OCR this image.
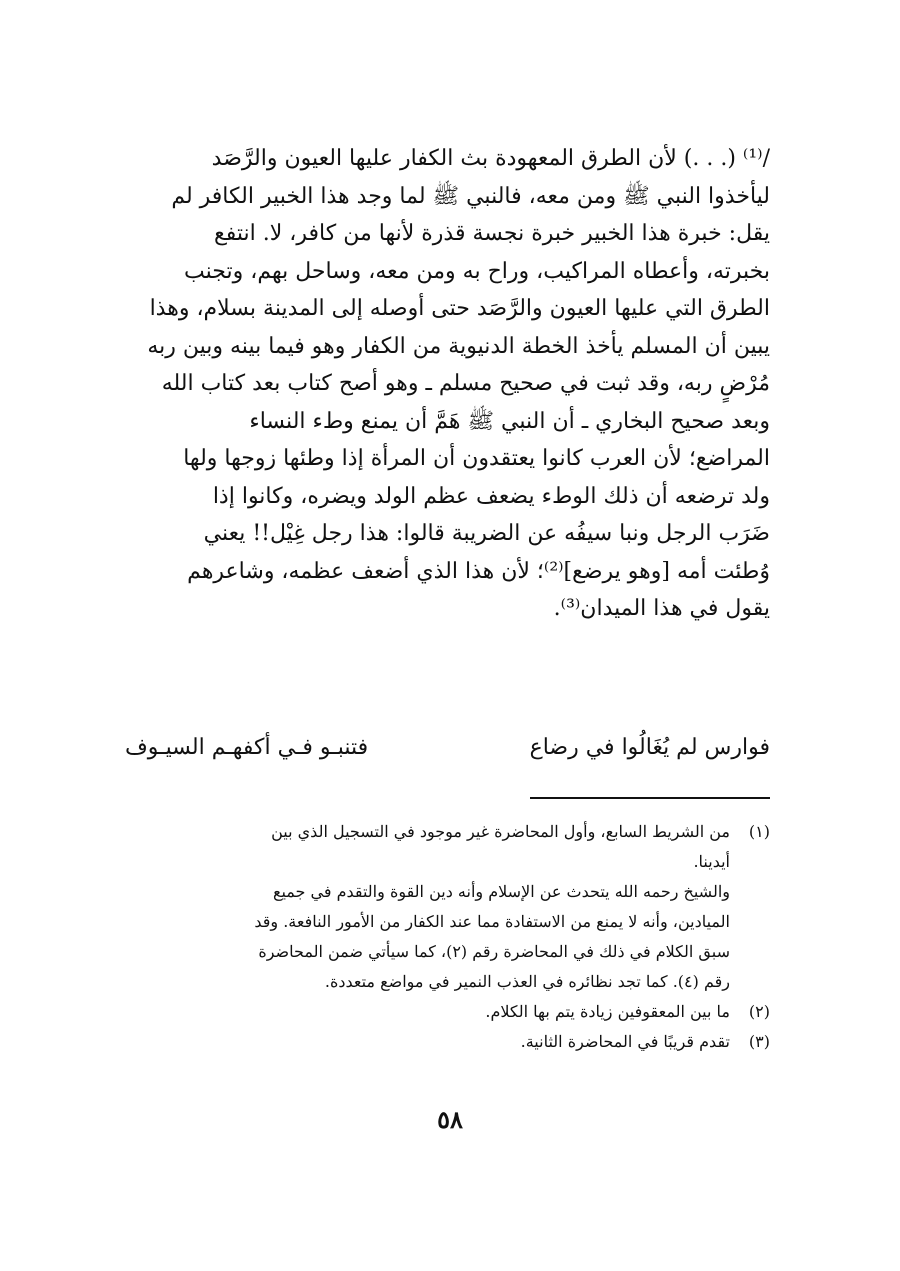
/⁽¹⁾ (. . .) لأن الطرق المعهودة بث الكفار عليها العيون والرَّصَد
ليأخذوا النبي ﷺ ومن معه، فالنبي ﷺ لما وجد هذا الخبير الكافر لم
يقل: خبرة هذا الخبير خبرة نجسة قذرة لأنها من كافر، لا. انتفع
بخبرته، وأعطاه المراكيب، وراح به ومن معه، وساحل بهم، وتجنب
الطرق التي عليها العيون والرَّصَد حتى أوصله إلى المدينة بسلام، وهذا
يبين أن المسلم يأخذ الخطة الدنيوية من الكفار وهو فيما بينه وبين ربه
مُرْضٍ ربه، وقد ثبت في صحيح مسلم ـ وهو أصح كتاب بعد كتاب الله
وبعد صحيح البخاري ـ أن النبي ﷺ هَمَّ أن يمنع وطء النساء
المراضع؛ لأن العرب كانوا يعتقدون أن المرأة إذا وطئها زوجها ولها
ولد ترضعه أن ذلك الوطء يضعف عظم الولد ويضره، وكانوا إذا
ضَرَب الرجل ونبا سيفُه عن الضريبة قالوا: هذا رجل غِيْل!! يعني
وُطئت أمه [وهو يرضع]⁽²⁾؛ لأن هذا الذي أضعف عظمه، وشاعرهم
يقول في هذا الميدان⁽³⁾.
فوارس لم يُغَالُوا في رضاع
فتنبـو فـي أكفهـم السيـوف
(١)
من الشريط السابع، وأول المحاضرة غير موجود في التسجيل الذي بين
أيدينا.
والشيخ رحمه الله يتحدث عن الإسلام وأنه دين القوة والتقدم في جميع
الميادين، وأنه لا يمنع من الاستفادة مما عند الكفار من الأمور النافعة. وقد
سبق الكلام في ذلك في المحاضرة رقم (٢)، كما سيأتي ضمن المحاضرة
رقم (٤). كما تجد نظائره في العذب النمير في مواضع متعددة.
(٢)
ما بين المعقوفين زيادة يتم بها الكلام.
(٣)
تقدم قريبًا في المحاضرة الثانية.
٥٨
